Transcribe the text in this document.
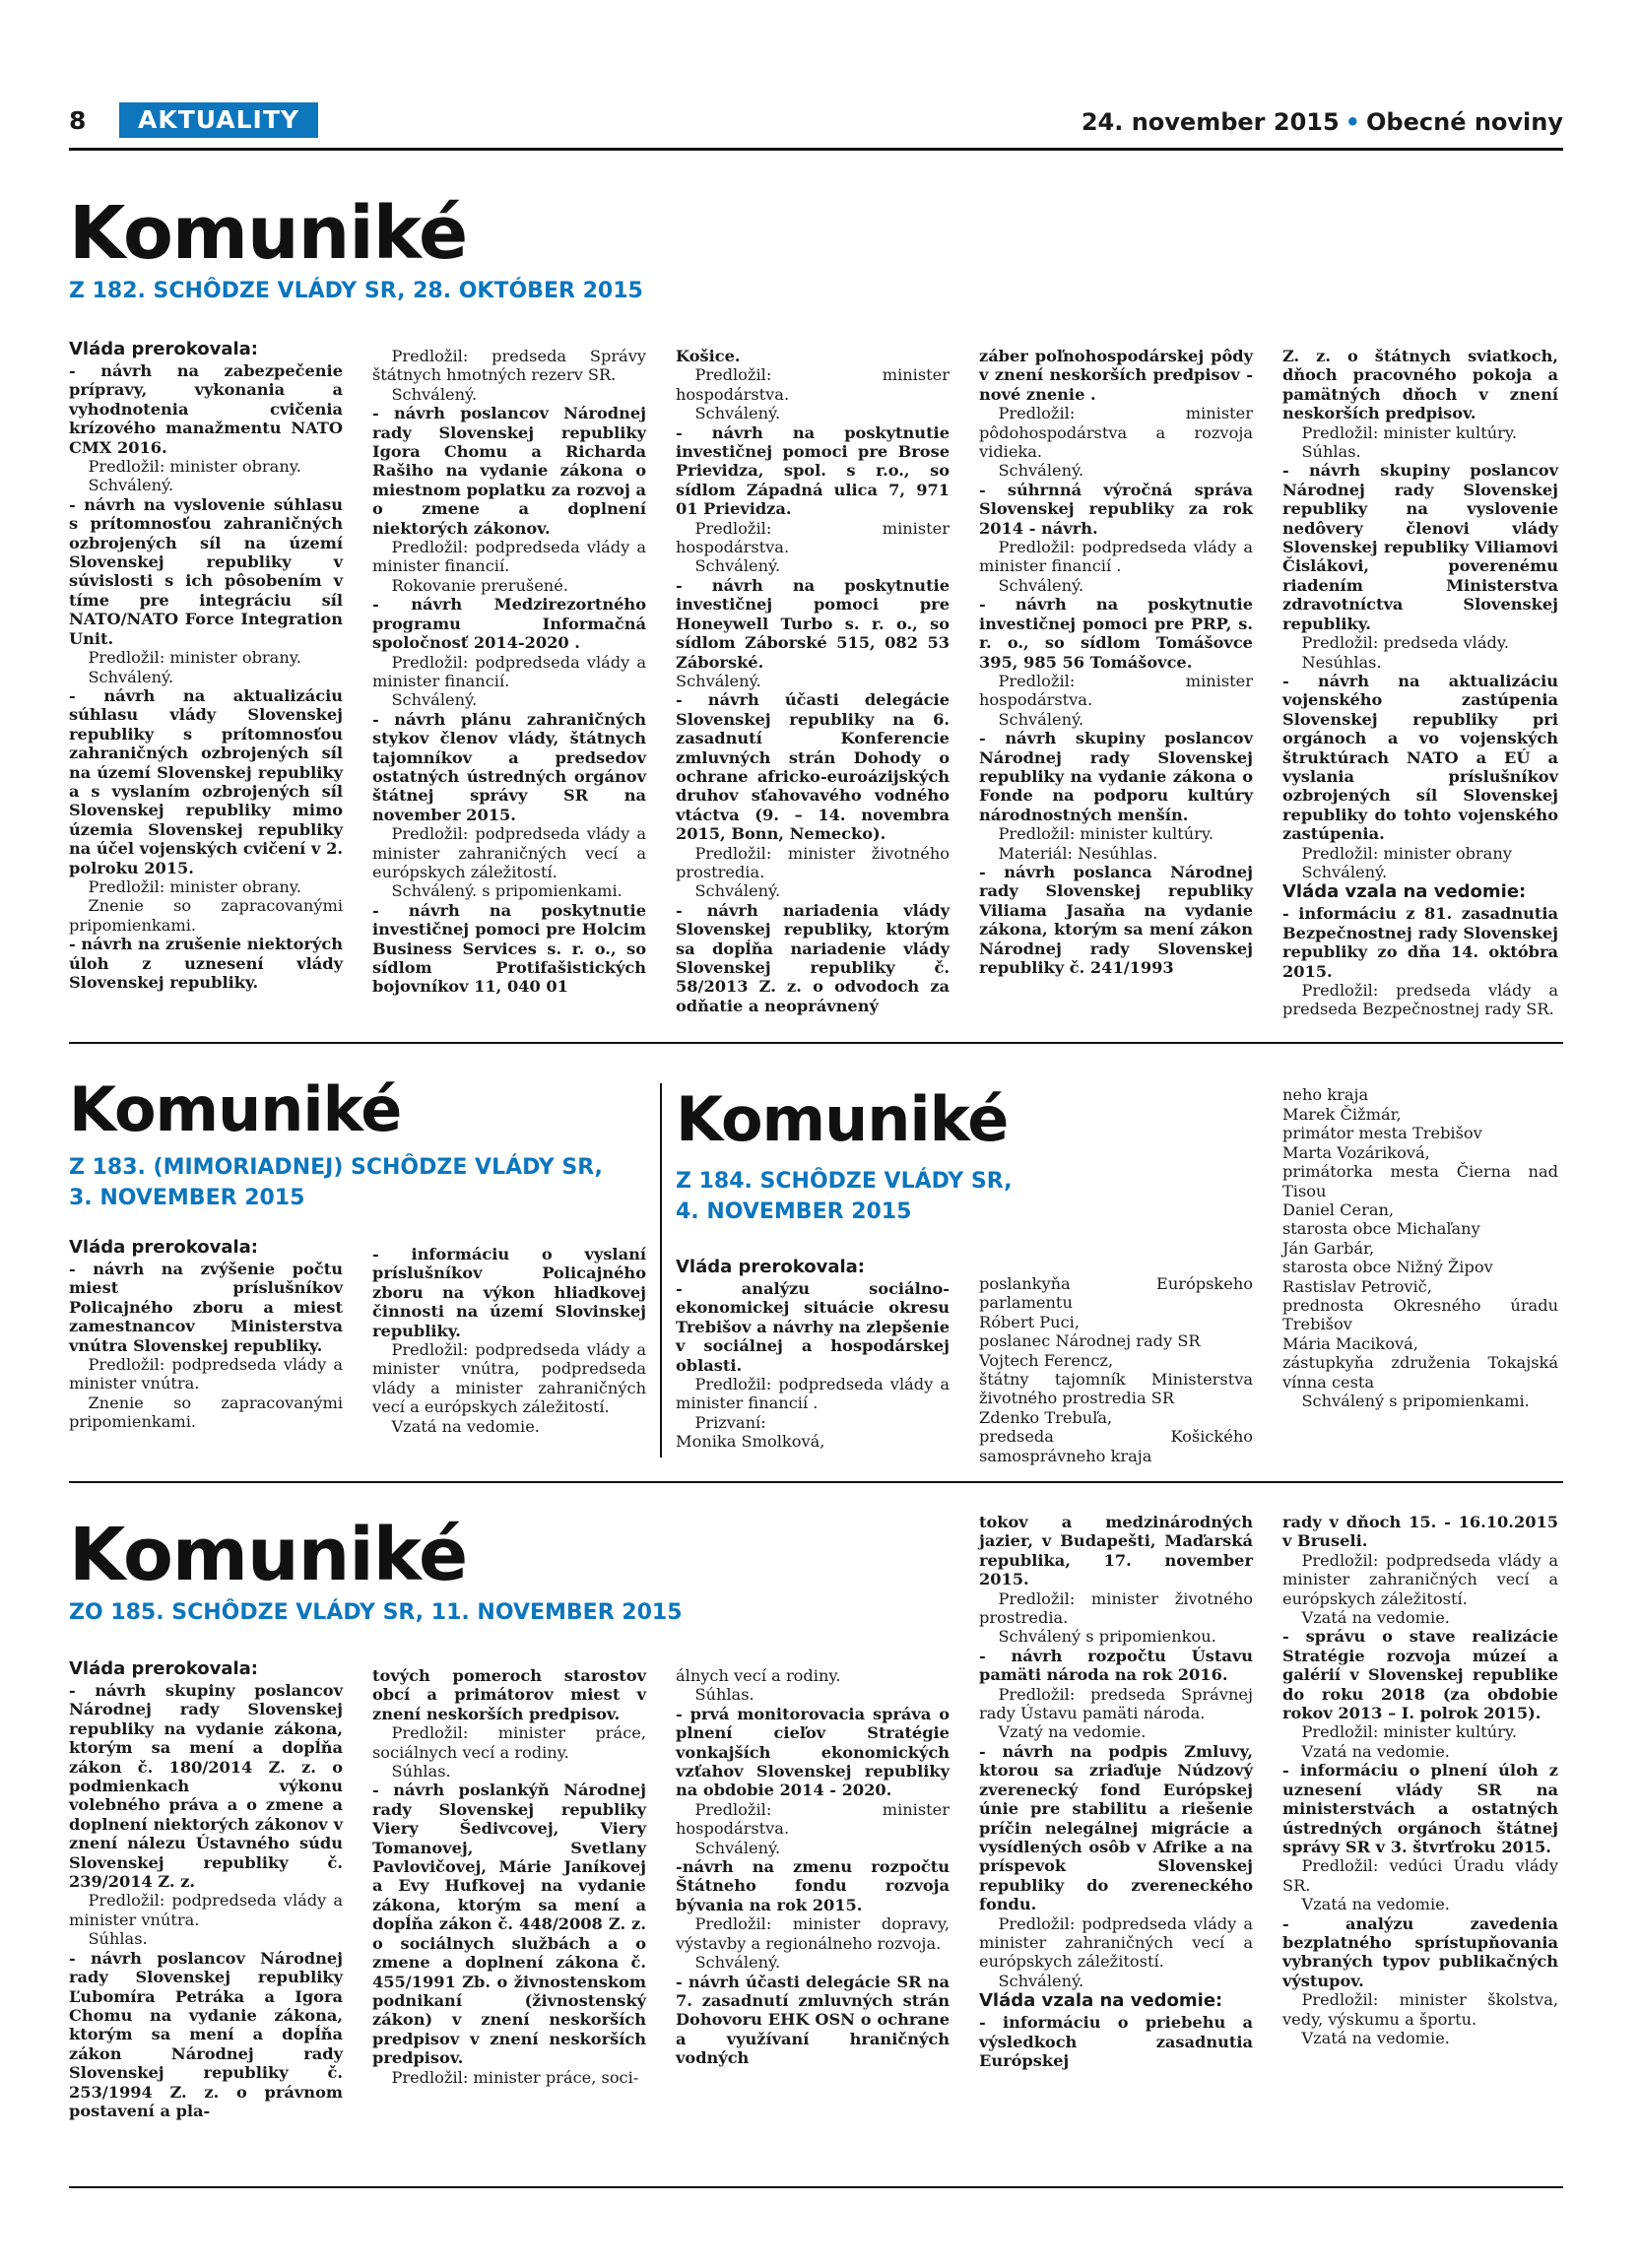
8	AKTUALITY	24. november 2015 • Obecné noviny
Komuniké
Z 182. SCHÔDZE VLÁDY SR, 28. OKTÓBER 2015

Vláda prerokovala:

- návrh na zabezpečenie prípravy, vykonania a vyhodnotenia cvičenia krízového manažmentu NATO CMX 2016.

Predložil: minister obrany.

Schválený.

- návrh na vyslovenie súhlasu s prítomnosťou zahraničných ozbrojených síl na území Slovenskej republiky v súvislosti s ich pôsobením v tíme pre integráciu síl NATO/NATO Force Integration Unit.

Predložil: minister obrany.

Schválený.

- návrh na aktualizáciu súhlasu vlády Slovenskej republiky s prítomnosťou zahraničných ozbrojených síl na území Slovenskej republiky a s vyslaním ozbrojených síl Slovenskej republiky mimo územia Slovenskej republiky na účel vojenských cvičení v 2. polroku 2015.

Predložil: minister obrany.

Znenie so zapracovanými pripomienkami.

- návrh na zrušenie niektorých úloh z uznesení vlády Slovenskej republiky.

Predložil: predseda Správy štátnych hmotných rezerv SR.

Schválený.

- návrh poslancov Národnej rady Slovenskej republiky Igora Chomu a Richarda Rašiho na vydanie zákona o miestnom poplatku za rozvoj a o zmene a doplnení niektorých zákonov.

Predložil: podpredseda vlády a minister financií.

Rokovanie prerušené.

- návrh Medzirezortného programu Informačná spoločnosť 2014-2020 .

Predložil: podpredseda vlády a minister financií.

Schválený.

- návrh plánu zahraničných stykov členov vlády, štátnych tajomníkov a predsedov ostatných ústredných orgánov štátnej správy SR na november 2015.

Predložil: podpredseda vlády a minister zahraničných vecí a európskych záležitostí.

Schválený. s pripomienkami.

- návrh na poskytnutie investičnej pomoci pre Holcim Business Services s. r. o., so sídlom Protifašistických bojovníkov 11, 040 01

Košice.

Predložil: minister hospodárstva.

Schválený.

- návrh na poskytnutie investičnej pomoci pre Brose Prievidza, spol. s r.o., so sídlom Západná ulica 7, 971 01 Prievidza.

Predložil: minister hospodárstva.

Schválený.

- návrh na poskytnutie investičnej pomoci pre Honeywell Turbo s. r. o., so sídlom Záborské 515, 082 53 Záborské.

Schválený.

- návrh účasti delegácie Slovenskej republiky na 6. zasadnutí Konferencie zmluvných strán Dohody o ochrane africko-euroázijských druhov sťahovavého vodného vtáctva (9. – 14. novembra 2015, Bonn, Nemecko).

Predložil: minister životného prostredia.

Schválený.

- návrh nariadenia vlády Slovenskej republiky, ktorým sa dopĺňa nariadenie vlády Slovenskej republiky č. 58/2013 Z. z. o odvodoch za odňatie a neoprávnený

záber poľnohospodárskej pôdy v znení neskorších predpisov - nové znenie .

Predložil: minister pôdohospodárstva a rozvoja vidieka.

Schválený.

- súhrnná výročná správa Slovenskej republiky za rok 2014 - návrh.

Predložil: podpredseda vlády a minister financií .

Schválený.

- návrh na poskytnutie investičnej pomoci pre PRP, s. r. o., so sídlom Tomášovce 395, 985 56 Tomášovce.

Predložil: minister hospodárstva.

Schválený.

- návrh skupiny poslancov Národnej rady Slovenskej republiky na vydanie zákona o Fonde na podporu kultúry národnostných menšín.

Predložil: minister kultúry.

Materiál: Nesúhlas.

- návrh poslanca Národnej rady Slovenskej republiky Viliama Jasaňa na vydanie zákona, ktorým sa mení zákon Národnej rady Slovenskej republiky č. 241/1993

Z. z. o štátnych sviatkoch, dňoch pracovného pokoja a pamätných dňoch v znení neskorších predpisov.

Predložil: minister kultúry.

Súhlas.

- návrh skupiny poslancov Národnej rady Slovenskej republiky na vyslovenie nedôvery členovi vlády Slovenskej republiky Viliamovi Čislákovi, poverenému riadením Ministerstva zdravotníctva Slovenskej republiky.

Predložil: predseda vlády.

Nesúhlas.

- návrh na aktualizáciu vojenského zastúpenia Slovenskej republiky pri orgánoch a vo vojenských štruktúrach NATO a EÚ a vyslania príslušníkov ozbrojených síl Slovenskej republiky do tohto vojenského zastúpenia.

Predložil: minister obrany

Schválený.

Vláda vzala na vedomie:

- informáciu z 81. zasadnutia Bezpečnostnej rady Slovenskej republiky zo dňa 14. októbra 2015.

Predložil: predseda vlády a predseda Bezpečnostnej rady SR.

Komuniké
Z 183. (MIMORIADNEJ) SCHÔDZE VLÁDY SR,
3. NOVEMBER 2015

Vláda prerokovala:

- návrh na zvýšenie počtu miest príslušníkov Policajného zboru a miest zamestnancov Ministerstva vnútra Slovenskej republiky.

Predložil: podpredseda vlády a minister vnútra.

Znenie so zapracovanými pripomienkami.

- informáciu o vyslaní príslušníkov Policajného zboru na výkon hliadkovej činnosti na území Slovinskej republiky.

Predložil: podpredseda vlády a minister vnútra, podpredseda vlády a minister zahraničných vecí a európskych záležitostí.

Vzatá na vedomie.

Komuniké
Z 184. SCHÔDZE VLÁDY SR,
4. NOVEMBER 2015

Vláda prerokovala:

- analýzu sociálno-ekonomickej situácie okresu Trebišov a návrhy na zlepšenie v sociálnej a hospodárskej oblasti.

Predložil: podpredseda vlády a minister financií .

Prizvaní:

Monika Smolková,

poslankyňa Európskeho parlamentu

Róbert Puci,

poslanec Národnej rady SR

Vojtech Ferencz,

štátny tajomník Ministerstva životného prostredia SR

Zdenko Trebuľa,

predseda Košického samosprávneho kraja

Marek Čižmár,

primátor mesta Trebišov

Marta Vozáriková,

primátorka mesta Čierna nad Tisou

Daniel Ceran,

starosta obce Michaľany

Ján Garbár,

starosta obce Nižný Žipov

Rastislav Petrovič,

prednosta Okresného úradu Trebišov

Mária Maciková,

zástupkyňa združenia Tokajská vínna cesta

Schválený s pripomienkami.

neho kraja
Komuniké
ZO 185. SCHÔDZE VLÁDY SR, 11. NOVEMBER 2015

Vláda prerokovala:

- návrh skupiny poslancov Národnej rady Slovenskej republiky na vydanie zákona, ktorým sa mení a dopĺňa zákon č. 180/2014 Z. z. o podmienkach výkonu volebného práva a o zmene a doplnení niektorých zákonov v znení nálezu Ústavného súdu Slovenskej republiky č. 239/2014 Z. z.

Predložil: podpredseda vlády a minister vnútra.

Súhlas.

- návrh poslancov Národnej rady Slovenskej republiky Ľubomíra Petráka a Igora Chomu na vydanie zákona, ktorým sa mení a dopĺňa zákon Národnej rady Slovenskej republiky č. 253/1994 Z. z. o právnom postavení a pla-

tových pomeroch starostov obcí a primátorov miest v znení neskorších predpisov.

Predložil: minister práce, sociálnych vecí a rodiny.

Súhlas.

- návrh poslankýň Národnej rady Slovenskej republiky Viery Šedivcovej, Viery Tomanovej, Svetlany Pavlovičovej, Márie Janíkovej a Evy Hufkovej na vydanie zákona, ktorým sa mení a dopĺňa zákon č. 448/2008 Z. z. o sociálnych službách a o zmene a doplnení zákona č. 455/1991 Zb. o živnostenskom podnikaní (živnostenský zákon) v znení neskorších predpisov v znení neskorších predpisov.

Predložil: minister práce, soci-

álnych vecí a rodiny.

Súhlas.

- prvá monitorovacia správa o plnení cieľov Stratégie vonkajších ekonomických vzťahov Slovenskej republiky na obdobie 2014 - 2020.

Predložil: minister hospodárstva.

Schválený.

-návrh na zmenu rozpočtu Štátneho fondu rozvoja bývania na rok 2015.

Predložil: minister dopravy, výstavby a regionálneho rozvoja.

Schválený.

- návrh účasti delegácie SR na 7. zasadnutí zmluvných strán Dohovoru EHK OSN o ochrane a využívaní hraničných vodných

tokov a medzinárodných jazier, v Budapešti, Maďarská republika, 17. november 2015.

Predložil: minister životného prostredia.

Schválený s pripomienkou.

- návrh rozpočtu Ústavu pamäti národa na rok 2016.

Predložil: predseda Správnej rady Ústavu pamäti národa.

Vzatý na vedomie.

- návrh na podpis Zmluvy, ktorou sa zriaďuje Núdzový zverenecký fond Európskej únie pre stabilitu a riešenie príčin nelegálnej migrácie a vysídlených osôb v Afrike a na príspevok Slovenskej republiky do zvereneckého fondu.

Predložil: podpredseda vlády a minister zahraničných vecí a európskych záležitostí.

Schválený.

Vláda vzala na vedomie:

- informáciu o priebehu a výsledkoch zasadnutia Európskej

rady v dňoch 15. - 16.10.2015 v Bruseli.

Predložil: podpredseda vlády a minister zahraničných vecí a európskych záležitostí.

Vzatá na vedomie.

- správu o stave realizácie Stratégie rozvoja múzeí a galérií v Slovenskej republike do roku 2018 (za obdobie rokov 2013 – I. polrok 2015).

Predložil: minister kultúry.

Vzatá na vedomie.

- informáciu o plnení úloh z uznesení vlády SR na ministerstvách a ostatných ústredných orgánoch štátnej správy SR v 3. štvrťroku 2015.

Predložil: vedúci Úradu vlády SR.

Vzatá na vedomie.

- analýzu zavedenia bezplatného sprístupňovania vybraných typov publikačných výstupov.

Predložil: minister školstva, vedy, výskumu a športu.

Vzatá na vedomie.
